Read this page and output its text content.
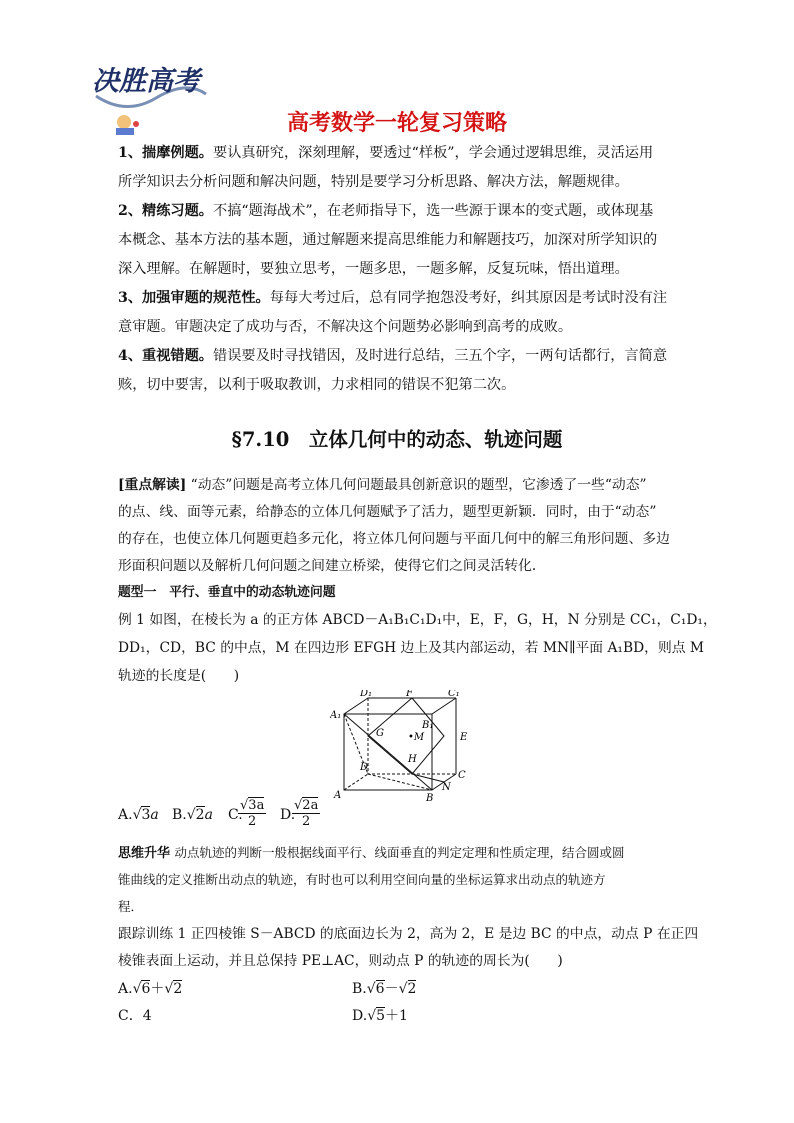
决胜高考
高考数学一轮复习策略
1、揣摩例题。要认真研究，深刻理解，要透过“样板”，学会通过逻辑思维，灵活运用
所学知识去分析问题和解决问题，特别是要学习分析思路、解决方法，解题规律。
2、精练习题。不搞“题海战术”，在老师指导下，选一些源于课本的变式题，或体现基
本概念、基本方法的基本题，通过解题来提高思维能力和解题技巧，加深对所学知识的
深入理解。在解题时，要独立思考，一题多思，一题多解，反复玩味，悟出道理。
3、加强审题的规范性。每每大考过后，总有同学抱怨没考好，纠其原因是考试时没有注
意审题。审题决定了成功与否，不解决这个问题势必影响到高考的成败。
4、重视错题。错误要及时寻找错因，及时进行总结，三五个字，一两句话都行，言简意
赅，切中要害，以利于吸取教训，力求相同的错误不犯第二次。
§7.10　立体几何中的动态、轨迹问题
[重点解读] “动态”问题是高考立体几何问题最具创新意识的题型，它渗透了一些“动态”
的点、线、面等元素，给静态的立体几何题赋予了活力，题型更新颖．同时，由于“动态”
的存在，也使立体几何题更趋多元化，将立体几何问题与平面几何中的解三角形问题、多边
形面积问题以及解析几何问题之间建立桥梁，使得它们之间灵活转化．
题型一　平行、垂直中的动态轨迹问题
例 1 如图，在棱长为 a 的正方体 ABCD－A₁B₁C₁D₁中，E，F，G，H，N 分别是 CC₁，C₁D₁，
DD₁，CD，BC 的中点，M 在四边形 EFGH 边上及其内部运动，若 MN∥平面 A₁BD，则点 M
轨迹的长度是(　　)
D₁	F	C₁
A₁
B₁
G •M	E
D
H
C
N
A	B
A.√3a B.√2a C.
$\frac{√3a}{2} D$.
$\frac{√2a}{2}$
思维升华 动点轨迹的判断一般根据线面平行、线面垂直的判定定理和性质定理，结合圆或圆
锥曲线的定义推断出动点的轨迹，有时也可以利用空间向量的坐标运算求出动点的轨迹方
程．
跟踪训练 1 正四棱锥 S－ABCD 的底面边长为 2，高为 2，E 是边 BC 的中点，动点 P 在正四
棱锥表面上运动，并且总保持 PE⊥AC，则动点 P 的轨迹的周长为(　　)
A.√6＋√2	B.√6－√2
C．4	D.√5＋1
